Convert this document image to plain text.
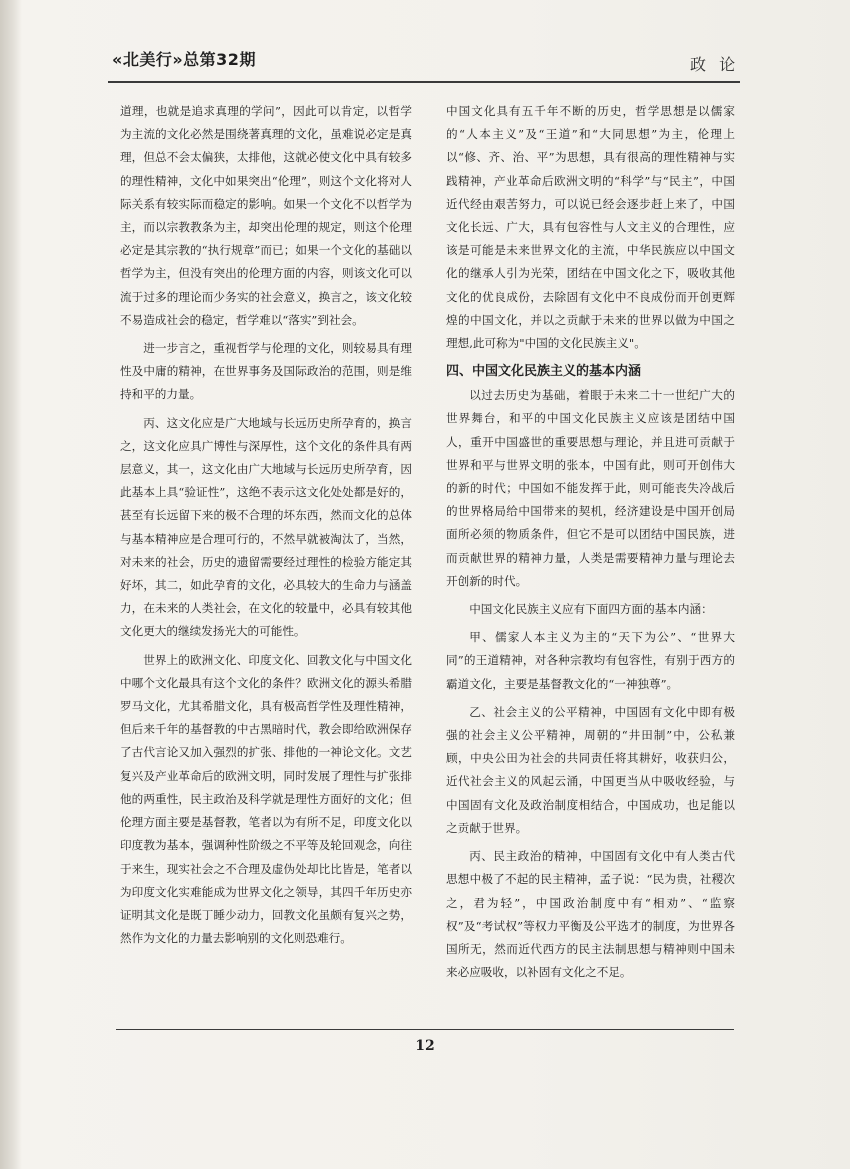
«北美行»总第32期	政 论

道理，也就是追求真理的学问”，因此可以肯定，以哲学为主流的文化必然是围绕著真理的文化，虽难说必定是真理，但总不会太偏狭，太排他，这就必使文化中具有较多的理性精神，文化中如果突出“伦理”，则这个文化将对人际关系有较实际而稳定的影响。如果一个文化不以哲学为主，而以宗教教条为主，却突出伦理的规定，则这个伦理必定是其宗教的“执行规章”而已；如果一个文化的基础以哲学为主，但没有突出的伦理方面的内容，则该文化可以流于过多的理论而少务实的社会意义，换言之，该文化较不易造成社会的稳定，哲学难以“落实”到社会。

进一步言之，重视哲学与伦理的文化，则较易具有理性及中庸的精神，在世界事务及国际政治的范围，则是维持和平的力量。

丙、这文化应是广大地域与长远历史所孕育的，换言之，这文化应具广博性与深厚性，这个文化的条件具有两层意义，其一，这文化由广大地域与长远历史所孕育，因此基本上具“验证性”，这绝不表示这文化处处都是好的，甚至有长远留下来的极不合理的坏东西，然而文化的总体与基本精神应是合理可行的，不然早就被淘汰了，当然，对未来的社会，历史的遗留需要经过理性的检验方能定其好坏，其二，如此孕育的文化，必具较大的生命力与涵盖力，在未来的人类社会，在文化的较量中，必具有较其他文化更大的继续发扬光大的可能性。

世界上的欧洲文化、印度文化、回教文化与中国文化中哪个文化最具有这个文化的条件？欧洲文化的源头希腊罗马文化，尤其希腊文化，具有极高哲学性及理性精神，但后来千年的基督教的中古黑暗时代，教会即给欧洲保存了古代言论又加入强烈的扩张、排他的一神论文化。文艺复兴及产业革命后的欧洲文明，同时发展了理性与扩张排他的两重性，民主政治及科学就是理性方面好的文化；但伦理方面主要是基督教，笔者以为有所不足，印度文化以印度教为基本，强调种性阶级之不平等及轮回观念，向往于来生，现实社会之不合理及虚伪处却比比皆是，笔者以为印度文化实难能成为世界文化之领导，其四千年历史亦证明其文化是既丁睡少动力，回教文化虽颇有复兴之势，然作为文化的力量去影响别的文化则恐难行。

中国文化具有五千年不断的历史，哲学思想是以儒家的“人本主义”及“王道”和“大同思想”为主，伦理上以“修、齐、治、平”为思想，具有很高的理性精神与实践精神，产业革命后欧洲文明的“科学”与“民主”，中国近代经由艰苦努力，可以说已经会逐步赶上来了，中国文化长远、广大，具有包容性与人文主义的合理性，应该是可能是未来世界文化的主流，中华民族应以中国文化的继承人引为光荣，团结在中国文化之下，吸收其他文化的优良成份，去除固有文化中不良成份而开创更辉煌的中国文化，并以之贡献于未来的世界以做为中国之理想,此可称为"中国的文化民族主义"。

四、中国文化民族主义的基本内涵

以过去历史为基础，着眼于未来二十一世纪广大的世界舞台，和平的中国文化民族主义应该是团结中国人，重开中国盛世的重要思想与理论，并且进可贡献于世界和平与世界文明的张本，中国有此，则可开创伟大的新的时代；中国如不能发挥于此，则可能丧失冷战后的世界格局给中国带来的契机，经济建设是中国开创局面所必须的物质条件，但它不是可以团结中国民族，进而贡献世界的精神力量，人类是需要精神力量与理论去开创新的时代。

中国文化民族主义应有下面四方面的基本内涵：

甲、儒家人本主义为主的“天下为公”、“世界大同”的王道精神，对各种宗教均有包容性，有别于西方的霸道文化，主要是基督教文化的“一神独尊”。

乙、社会主义的公平精神，中国固有文化中即有极强的社会主义公平精神，周朝的“井田制”中，公私兼顾，中央公田为社会的共同责任将其耕好，收获归公，近代社会主义的风起云涌，中国更当从中吸收经验，与中国固有文化及政治制度相结合，中国成功，也足能以之贡献于世界。

丙、民主政治的精神，中国固有文化中有人类古代思想中极了不起的民主精神，孟子说：“民为贵，社稷次之，君为轻”，中国政治制度中有“相劝”、“监察权”及“考试权”等权力平衡及公平选才的制度，为世界各国所无，然而近代西方的民主法制思想与精神则中国未来必应吸收，以补固有文化之不足。

12
